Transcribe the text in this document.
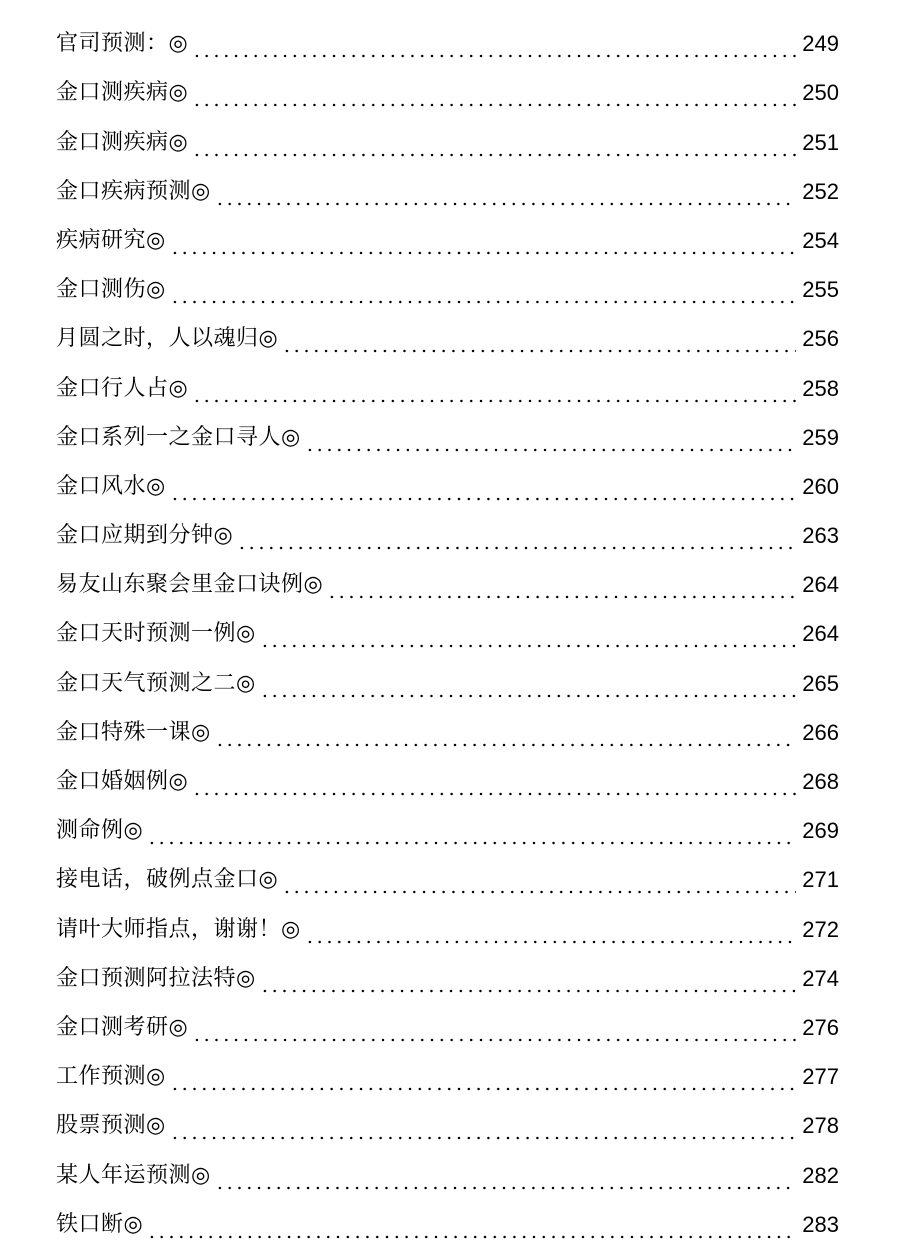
官司预测：◎	249
金口测疾病◎	250
金口测疾病◎	251
金口疾病预测◎	252
疾病研究◎	254
金口测伤◎	255
月圆之时，人以魂归◎	256
金口行人占◎	258
金口系列一之金口寻人◎	259
金口风水◎	260
金口应期到分钟◎	263
易友山东聚会里金口诀例◎	264
金口天时预测一例◎	264
金口天气预测之二◎	265
金口特殊一课◎	266
金口婚姻例◎	268
测命例◎	269
接电话，破例点金口◎	271
请叶大师指点，谢谢！◎	272
金口预测阿拉法特◎	274
金口测考研◎	276
工作预测◎	277
股票预测◎	278
某人年运预测◎	282
铁口断◎	283
